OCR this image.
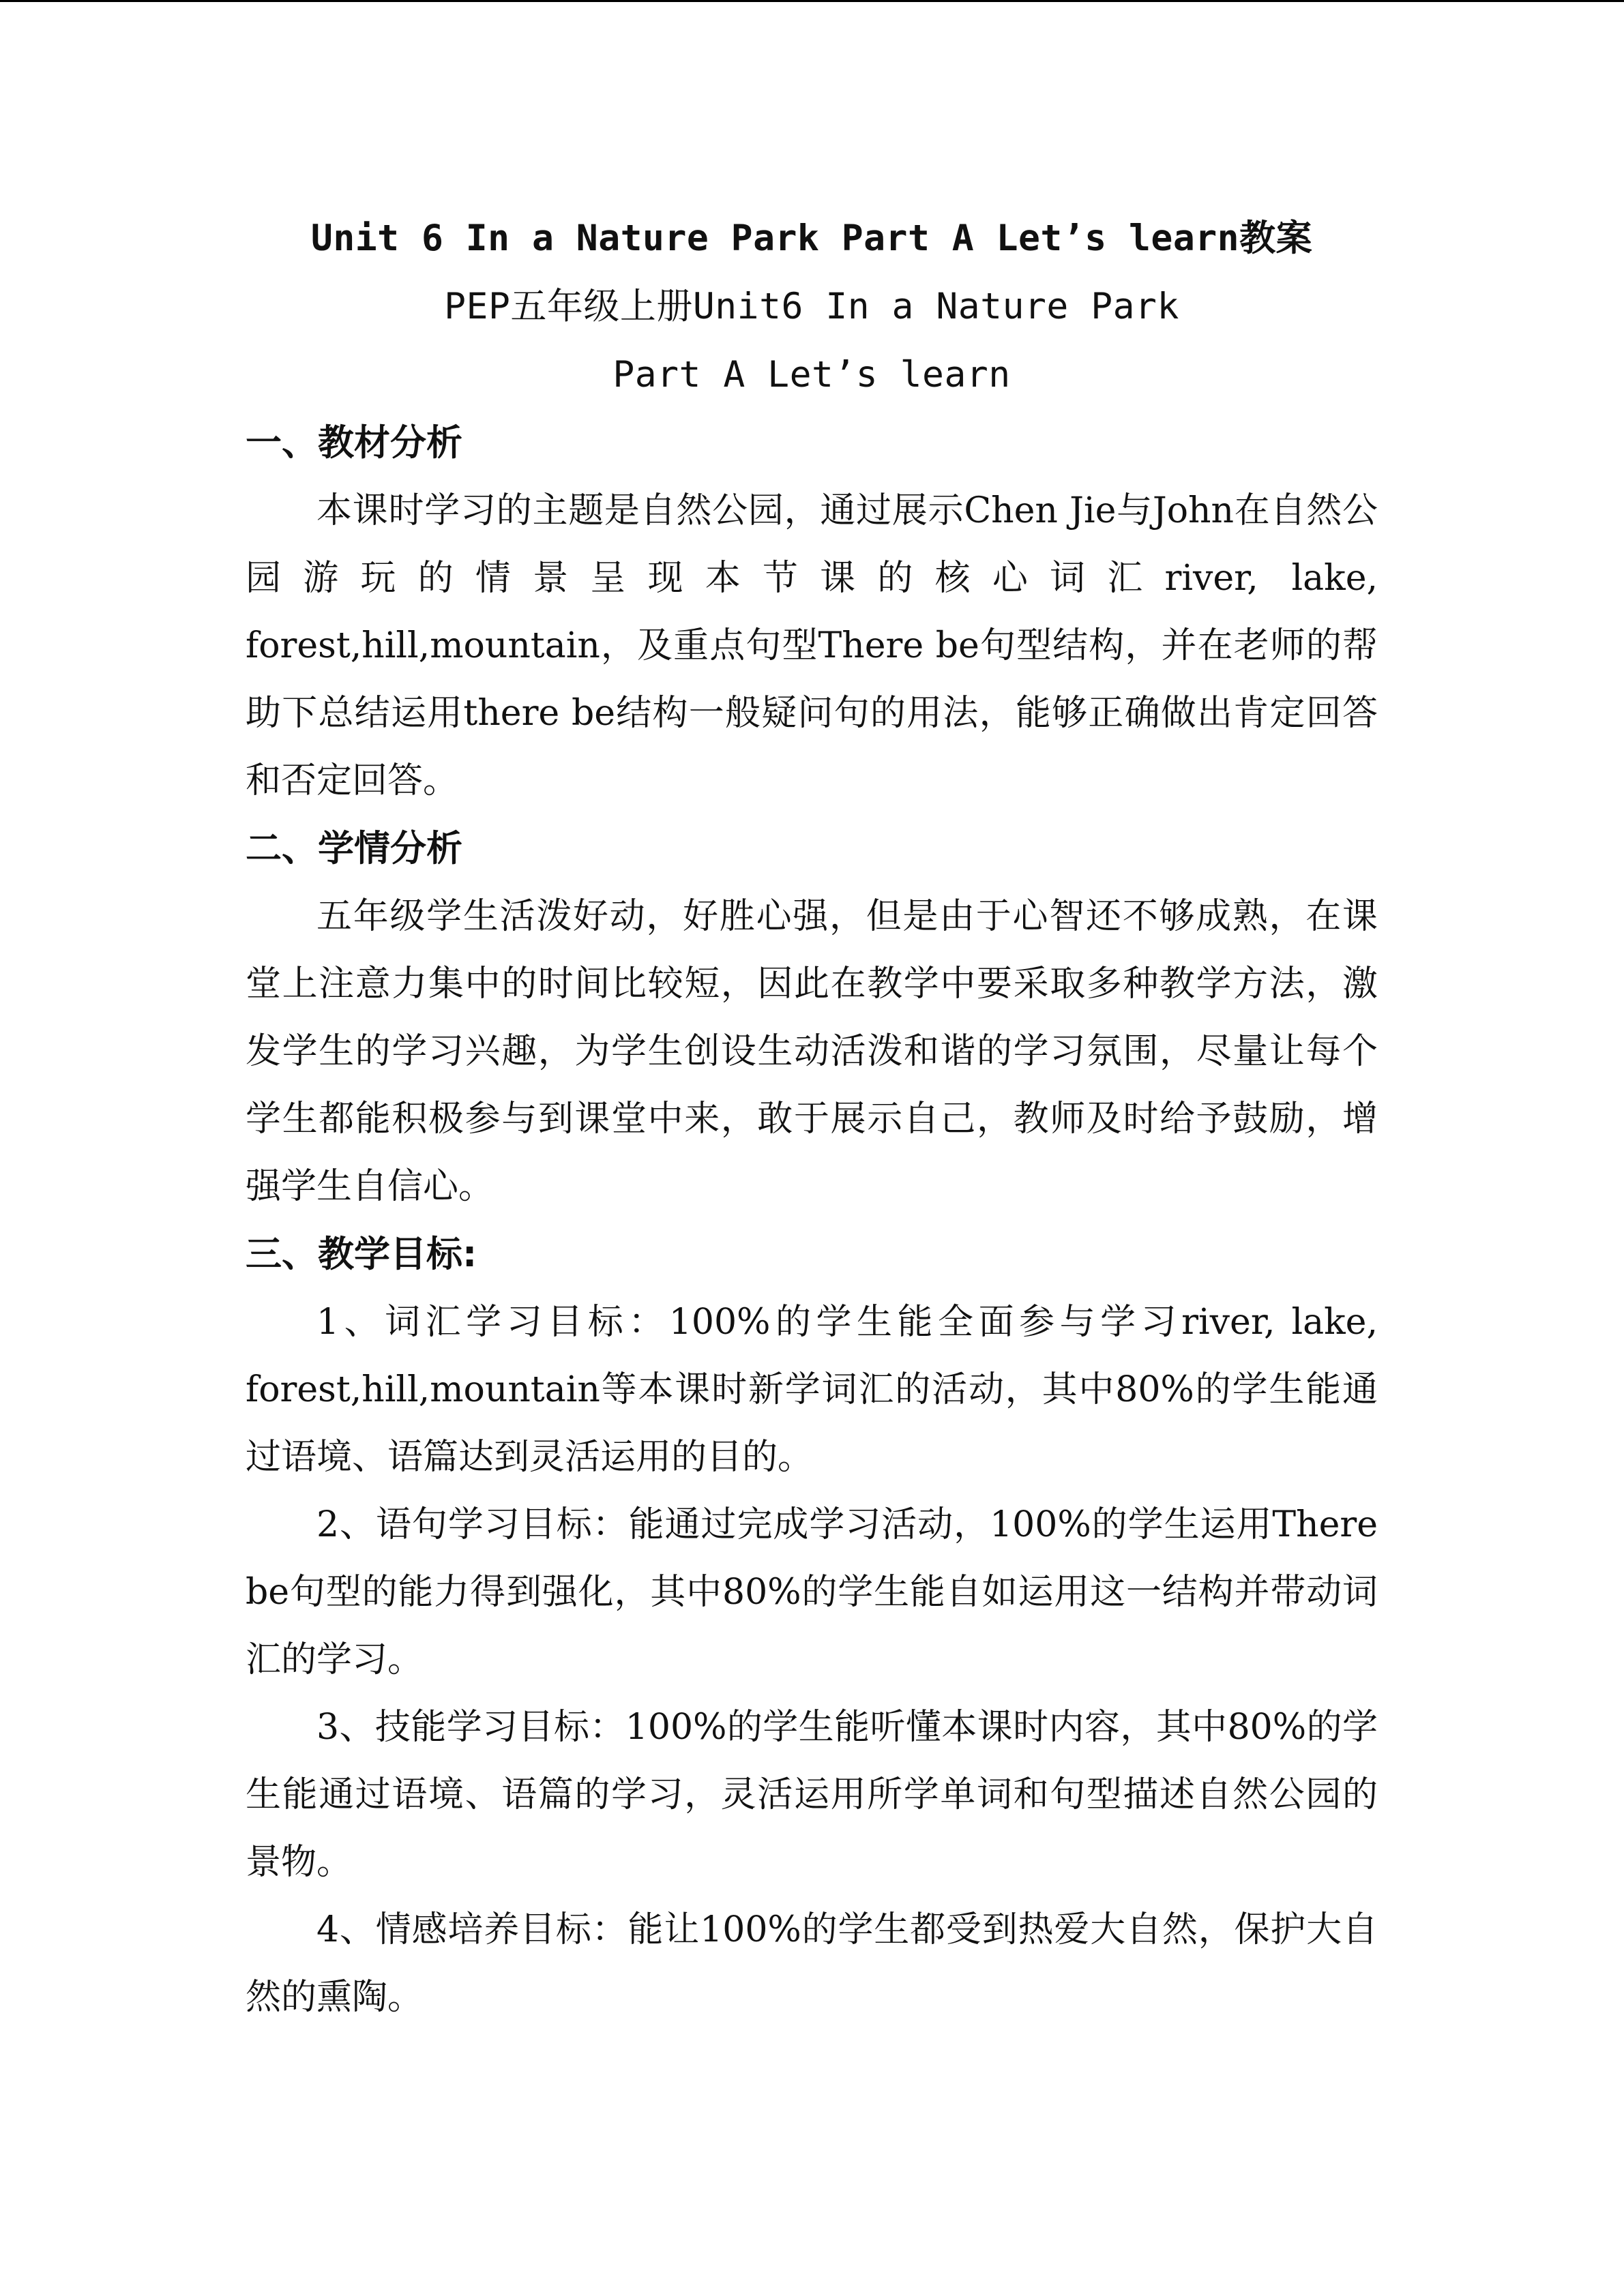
Unit 6 In a Nature Park Part A Let’s learn教案
PEP五年级上册Unit6 In a Nature Park
Part A Let’s learn
一、教材分析

本课时学习的主题是自然公园，通过展示Chen Jie与John在自然公园游玩的情景呈现本节课的核心词汇river, lake, forest,hill,mountain，及重点句型There be句型结构，并在老师的帮助下总结运用there be结构一般疑问句的用法，能够正确做出肯定回答和否定回答。

二、学情分析

五年级学生活泼好动，好胜心强，但是由于心智还不够成熟，在课堂上注意力集中的时间比较短，因此在教学中要采取多种教学方法，激发学生的学习兴趣，为学生创设生动活泼和谐的学习氛围，尽量让每个学生都能积极参与到课堂中来，敢于展示自己，教师及时给予鼓励，增强学生自信心。

三、教学目标:

1、词汇学习目标：100%的学生能全面参与学习river, lake, forest,hill,mountain等本课时新学词汇的活动，其中80%的学生能通过语境、语篇达到灵活运用的目的。

2、语句学习目标：能通过完成学习活动，100%的学生运用There be句型的能力得到强化，其中80%的学生能自如运用这一结构并带动词汇的学习。

3、技能学习目标：100%的学生能听懂本课时内容，其中80%的学生能通过语境、语篇的学习，灵活运用所学单词和句型描述自然公园的景物。

4、情感培养目标：能让100%的学生都受到热爱大自然，保护大自然的熏陶。
